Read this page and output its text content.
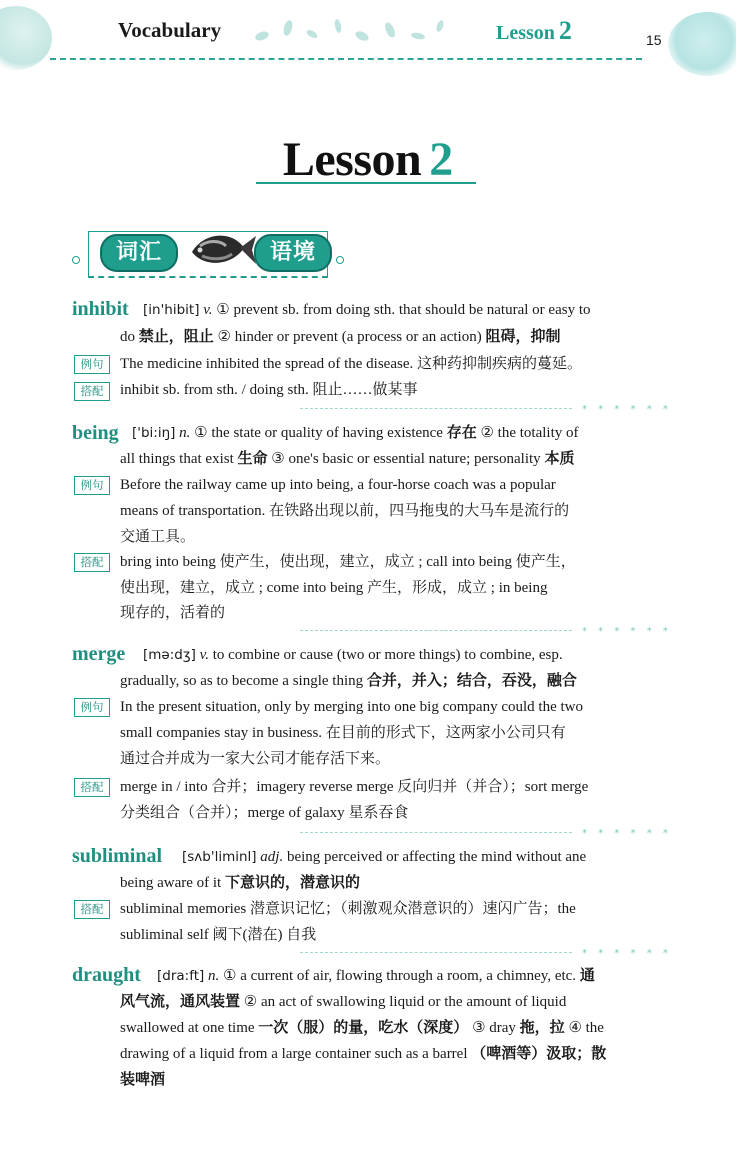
Vocabulary	Lesson 2	15
Lesson 2
词汇	语境
inhibit [in'hibit] v. ① prevent sb. from doing sth. that should be natural or easy to
do 禁止，阻止 ② hinder or prevent (a process or an action) 阻碍，抑制
例句	The medicine inhibited the spread of the disease. 这种药抑制疾病的蔓延。
搭配	inhibit sb. from sth. / doing sth. 阻止……做某事
* * * * * *
being ['bi:iŋ] n. ① the state or quality of having existence 存在 ② the totality of
all things that exist 生命 ③ one's basic or essential nature; personality 本质
例句	Before the railway came up into being, a four-horse coach was a popular
means of transportation. 在铁路出现以前，四马拖曳的大马车是流行的
交通工具。
搭配	bring into being 使产生，使出现，建立，成立 ; call into being 使产生，
使出现，建立，成立 ; come into being 产生，形成，成立 ; in being
现存的，活着的
* * * * * *
merge [mə:dʒ] v. to combine or cause (two or more things) to combine, esp.
gradually, so as to become a single thing 合并，并入；结合，吞没，融合
例句	In the present situation, only by merging into one big company could the two
small companies stay in business. 在目前的形式下，这两家小公司只有
通过合并成为一家大公司才能存活下来。
搭配	merge in / into 合并；imagery reverse merge 反向归并（并合）；sort merge
分类组合（合并）；merge of galaxy 星系吞食
* * * * * *
subliminal [sʌb'liminl] adj. being perceived or affecting the mind without ane
being aware of it 下意识的，潜意识的
搭配	subliminal memories 潜意识记忆；（刺激观众潜意识的）速闪广告；the
subliminal self 阈下(潜在) 自我
* * * * * *
draught [dra:ft] n. ① a current of air, flowing through a room, a chimney, etc. 通
风气流，通风装置 ② an act of swallowing liquid or the amount of liquid
swallowed at one time 一次（服）的量，吃水（深度） ③ dray 拖，拉 ④ the
drawing of a liquid from a large container such as a barrel （啤酒等）汲取；散
装啤酒
